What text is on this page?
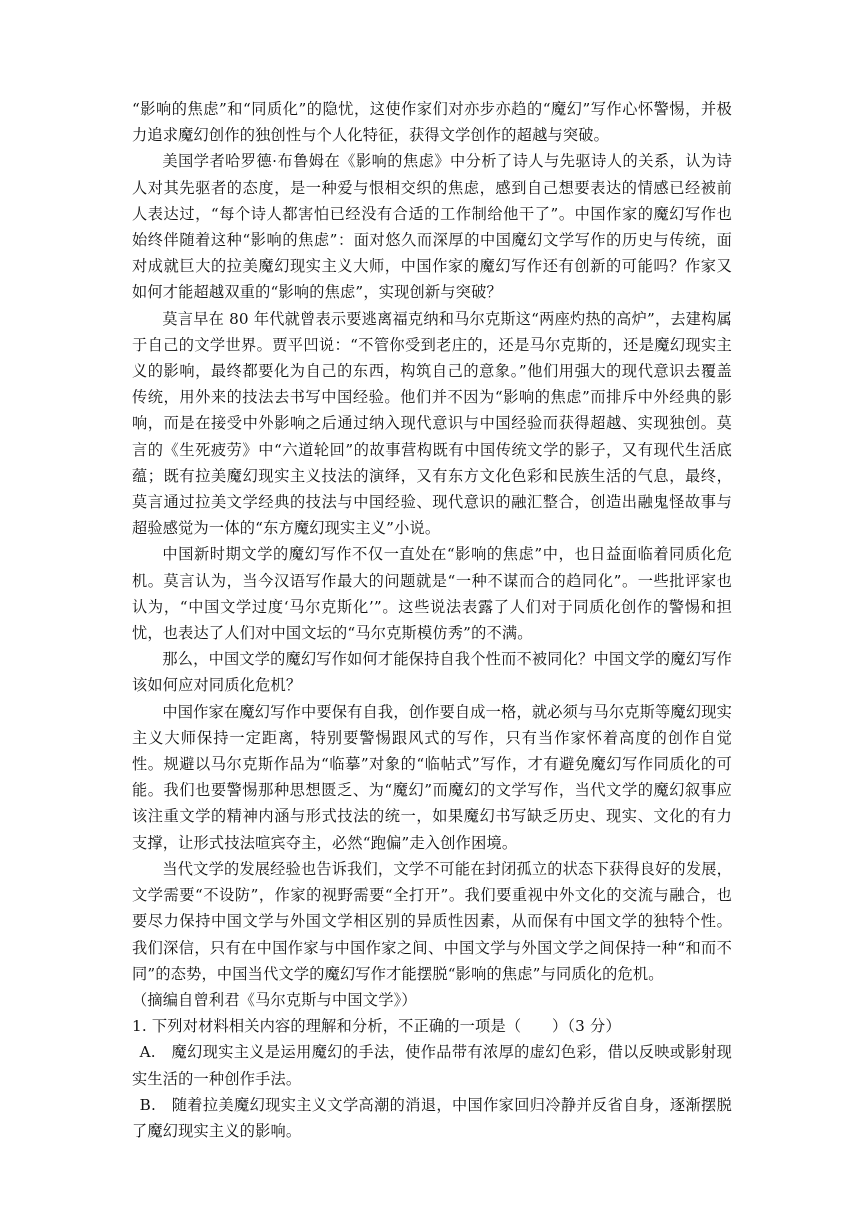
“影响的焦虑”和“同质化”的隐忧，这使作家们对亦步亦趋的“魔幻”写作心怀警惕，并极力追求魔幻创作的独创性与个人化特征，获得文学创作的超越与突破。

美国学者哈罗德·布鲁姆在《影响的焦虑》中分析了诗人与先驱诗人的关系，认为诗人对其先驱者的态度，是一种爱与恨相交织的焦虑，感到自己想要表达的情感已经被前人表达过，“每个诗人都害怕已经没有合适的工作制给他干了”。中国作家的魔幻写作也始终伴随着这种“影响的焦虑”：面对悠久而深厚的中国魔幻文学写作的历史与传统，面对成就巨大的拉美魔幻现实主义大师，中国作家的魔幻写作还有创新的可能吗？作家又如何才能超越双重的“影响的焦虑”，实现创新与突破？

莫言早在 80 年代就曾表示要逃离福克纳和马尔克斯这“两座灼热的高炉”，去建构属于自己的文学世界。贾平凹说：“不管你受到老庄的，还是马尔克斯的，还是魔幻现实主义的影响，最终都要化为自己的东西，构筑自己的意象。”他们用强大的现代意识去覆盖传统，用外来的技法去书写中国经验。他们并不因为“影响的焦虑”而排斥中外经典的影响，而是在接受中外影响之后通过纳入现代意识与中国经验而获得超越、实现独创。莫言的《生死疲劳》中“六道轮回”的故事营构既有中国传统文学的影子，又有现代生活底蕴；既有拉美魔幻现实主义技法的演绎，又有东方文化色彩和民族生活的气息，最终，莫言通过拉美文学经典的技法与中国经验、现代意识的融汇整合，创造出融鬼怪故事与超验感觉为一体的“东方魔幻现实主义”小说。

中国新时期文学的魔幻写作不仅一直处在“影响的焦虑”中，也日益面临着同质化危机。莫言认为，当今汉语写作最大的问题就是“一种不谋而合的趋同化”。一些批评家也认为，“中国文学过度‘马尔克斯化’”。这些说法表露了人们对于同质化创作的警惕和担忧，也表达了人们对中国文坛的“马尔克斯模仿秀”的不满。

那么，中国文学的魔幻写作如何才能保持自我个性而不被同化？中国文学的魔幻写作该如何应对同质化危机？

中国作家在魔幻写作中要保有自我，创作要自成一格，就必须与马尔克斯等魔幻现实主义大师保持一定距离，特别要警惕跟风式的写作，只有当作家怀着高度的创作自觉性。规避以马尔克斯作品为“临摹”对象的“临帖式”写作，才有避免魔幻写作同质化的可能。我们也要警惕那种思想匮乏、为“魔幻”而魔幻的文学写作，当代文学的魔幻叙事应该注重文学的精神内涵与形式技法的统一，如果魔幻书写缺乏历史、现实、文化的有力支撑，让形式技法喧宾夺主，必然“跑偏”走入创作困境。

当代文学的发展经验也告诉我们，文学不可能在封闭孤立的状态下获得良好的发展，文学需要“不设防”，作家的视野需要“全打开”。我们要重视中外文化的交流与融合，也要尽力保持中国文学与外国文学相区别的异质性因素，从而保有中国文学的独特个性。我们深信，只有在中国作家与中国作家之间、中国文学与外国文学之间保持一种“和而不同”的态势，中国当代文学的魔幻写作才能摆脱“影响的焦虑”与同质化的危机。

（摘编自曾利君《马尔克斯与中国文学》）

1. 下列对材料相关内容的理解和分析，不正确的一项是（　　）（3 分）

A.　魔幻现实主义是运用魔幻的手法，使作品带有浓厚的虚幻色彩，借以反映或影射现实生活的一种创作手法。

B.　随着拉美魔幻现实主义文学高潮的消退，中国作家回归冷静并反省自身，逐渐摆脱了魔幻现实主义的影响。
